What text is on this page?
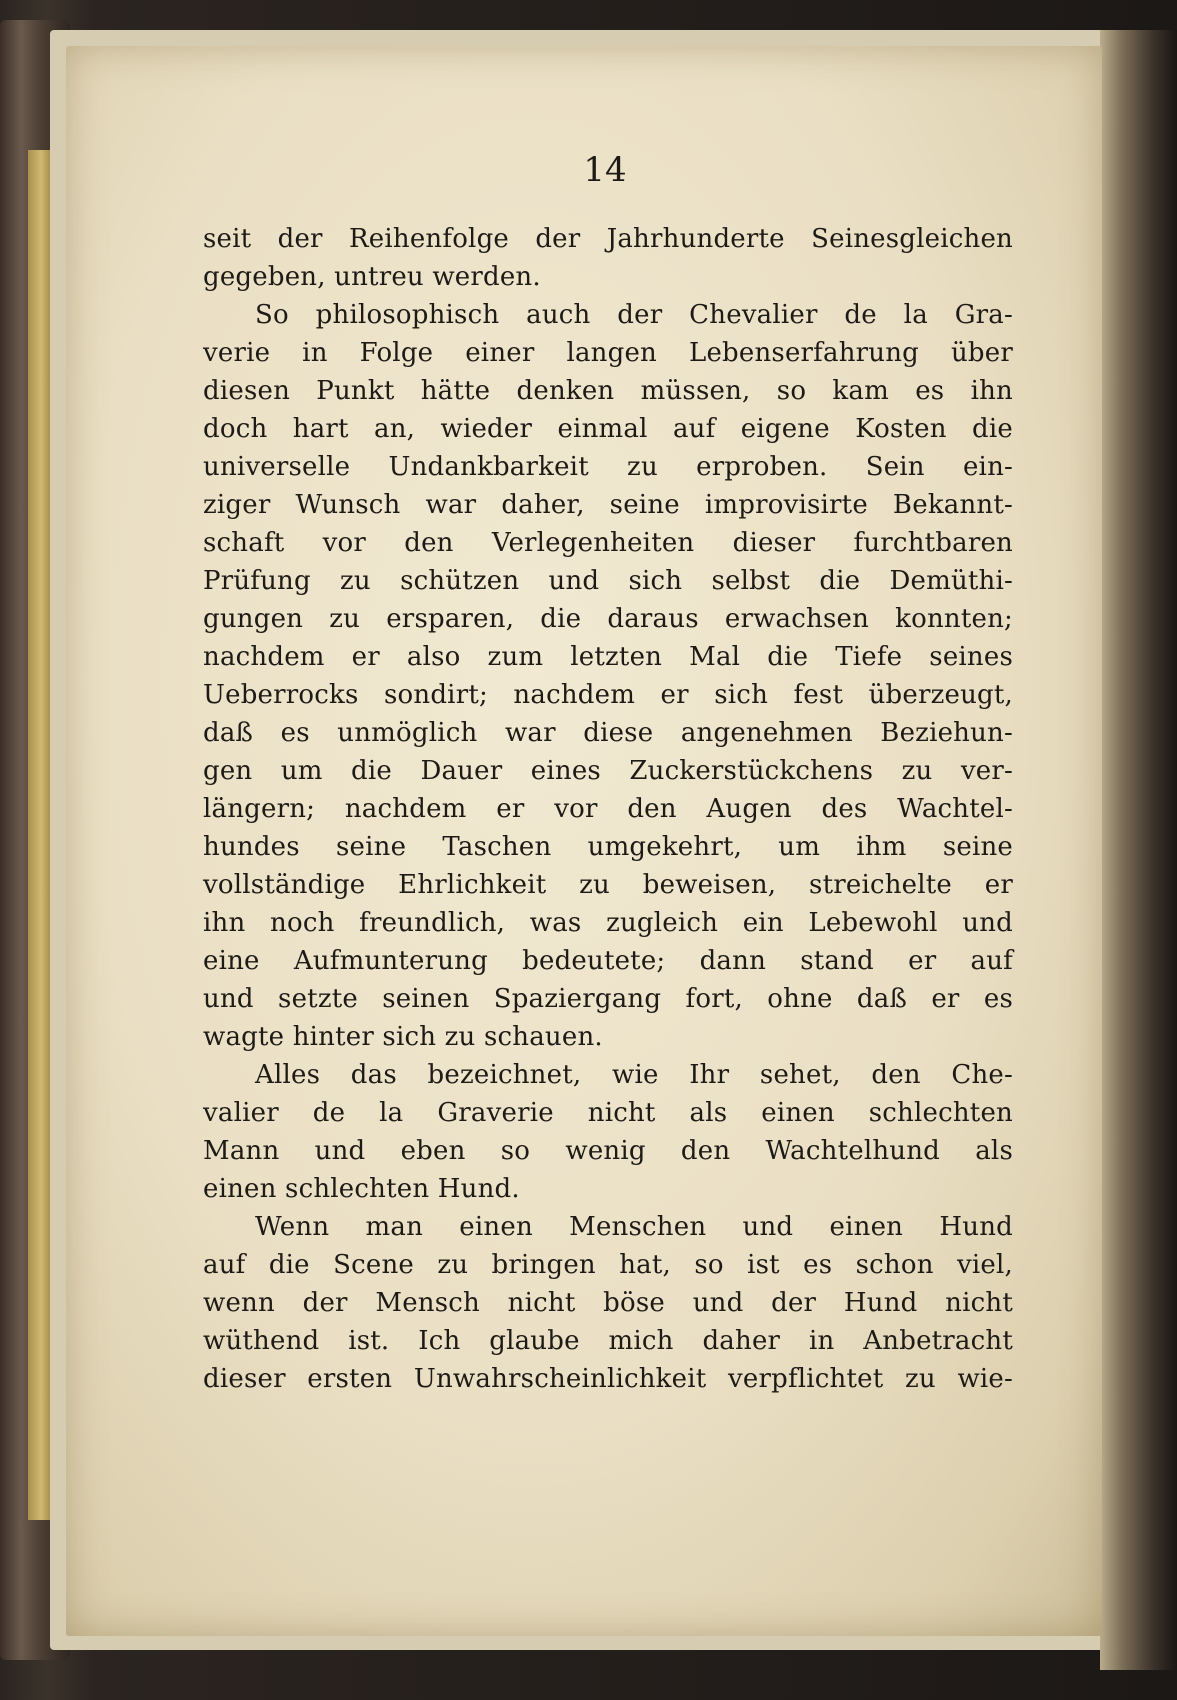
14
seit der Reihenfolge der Jahrhunderte Seinesgleichen
gegeben, untreu werden.
So philosophisch auch der Chevalier de la Gra-
verie in Folge einer langen Lebenserfahrung über
diesen Punkt hätte denken müssen, so kam es ihn
doch hart an, wieder einmal auf eigene Kosten die
universelle Undankbarkeit zu erproben. Sein ein-
ziger Wunsch war daher, seine improvisirte Bekannt-
schaft vor den Verlegenheiten dieser furchtbaren
Prüfung zu schützen und sich selbst die Demüthi-
gungen zu ersparen, die daraus erwachsen konnten;
nachdem er also zum letzten Mal die Tiefe seines
Ueberrocks sondirt; nachdem er sich fest überzeugt,
daß es unmöglich war diese angenehmen Beziehun-
gen um die Dauer eines Zuckerstückchens zu ver-
längern; nachdem er vor den Augen des Wachtel-
hundes seine Taschen umgekehrt, um ihm seine
vollständige Ehrlichkeit zu beweisen, streichelte er
ihn noch freundlich, was zugleich ein Lebewohl und
eine Aufmunterung bedeutete; dann stand er auf
und setzte seinen Spaziergang fort, ohne daß er es
wagte hinter sich zu schauen.
Alles das bezeichnet, wie Ihr sehet, den Che-
valier de la Graverie nicht als einen schlechten
Mann und eben so wenig den Wachtelhund als
einen schlechten Hund.
Wenn man einen Menschen und einen Hund
auf die Scene zu bringen hat, so ist es schon viel,
wenn der Mensch nicht böse und der Hund nicht
wüthend ist. Ich glaube mich daher in Anbetracht
dieser ersten Unwahrscheinlichkeit verpflichtet zu wie-
